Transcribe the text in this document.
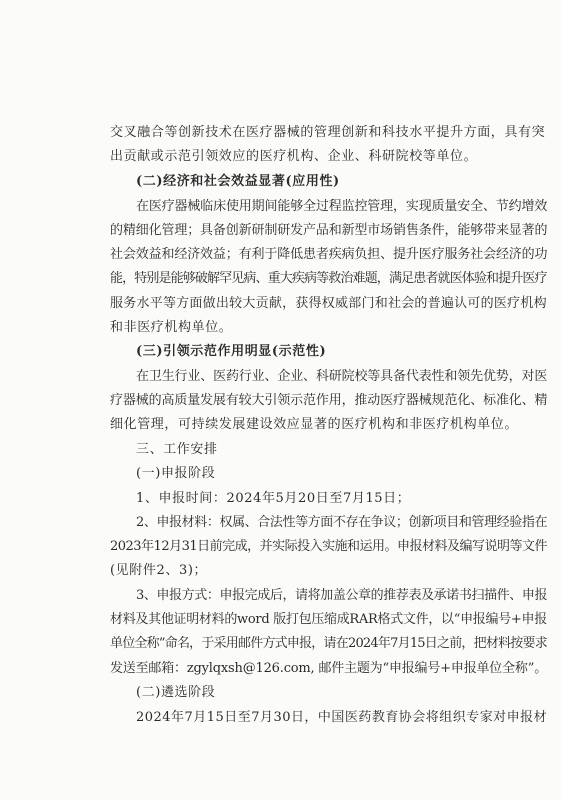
交叉融合等创新技术在医疗器械的管理创新和科技水平提升方面，具有突
出贡献或示范引领效应的医疗机构、企业、科研院校等单位。
(二)经济和社会效益显著(应用性)
在医疗器械临床使用期间能够全过程监控管理，实现质量安全、节约增效
的精细化管理；具备创新研制研发产品和新型市场销售条件，能够带来显著的
社会效益和经济效益；有利于降低患者疾病负担、提升医疗服务社会经济的功
能，特别是能够破解罕见病、重大疾病等救治难题，满足患者就医体验和提升医疗
服务水平等方面做出较大贡献，获得权威部门和社会的普遍认可的医疗机构
和非医疗机构单位。
(三)引领示范作用明显(示范性)
在卫生行业、医药行业、企业、科研院校等具备代表性和领先优势，对医
疗器械的高质量发展有较大引领示范作用，推动医疗器械规范化、标准化、精
细化管理，可持续发展建设效应显著的医疗机构和非医疗机构单位。
三、工作安排
(一)申报阶段
1、申报时间：2024年5月20日至7月15日；
2、申报材料：权属、合法性等方面不存在争议；创新项目和管理经验指在
2023年12月31日前完成，并实际投入实施和运用。申报材料及编写说明等文件
(见附件2、3)；
3、申报方式：申报完成后，请将加盖公章的推荐表及承诺书扫描件、申报
材料及其他证明材料的word 版打包压缩成RAR格式文件，以“申报编号+申报
单位全称”命名，于采用邮件方式申报，请在2024年7月15日之前，把材料按要求
发送至邮箱：zgylqxsh@126.com, 邮件主题为“申报编号+申报单位全称”。
(二)遴选阶段
2024年7月15日至7月30日，中国医药教育协会将组织专家对申报材
